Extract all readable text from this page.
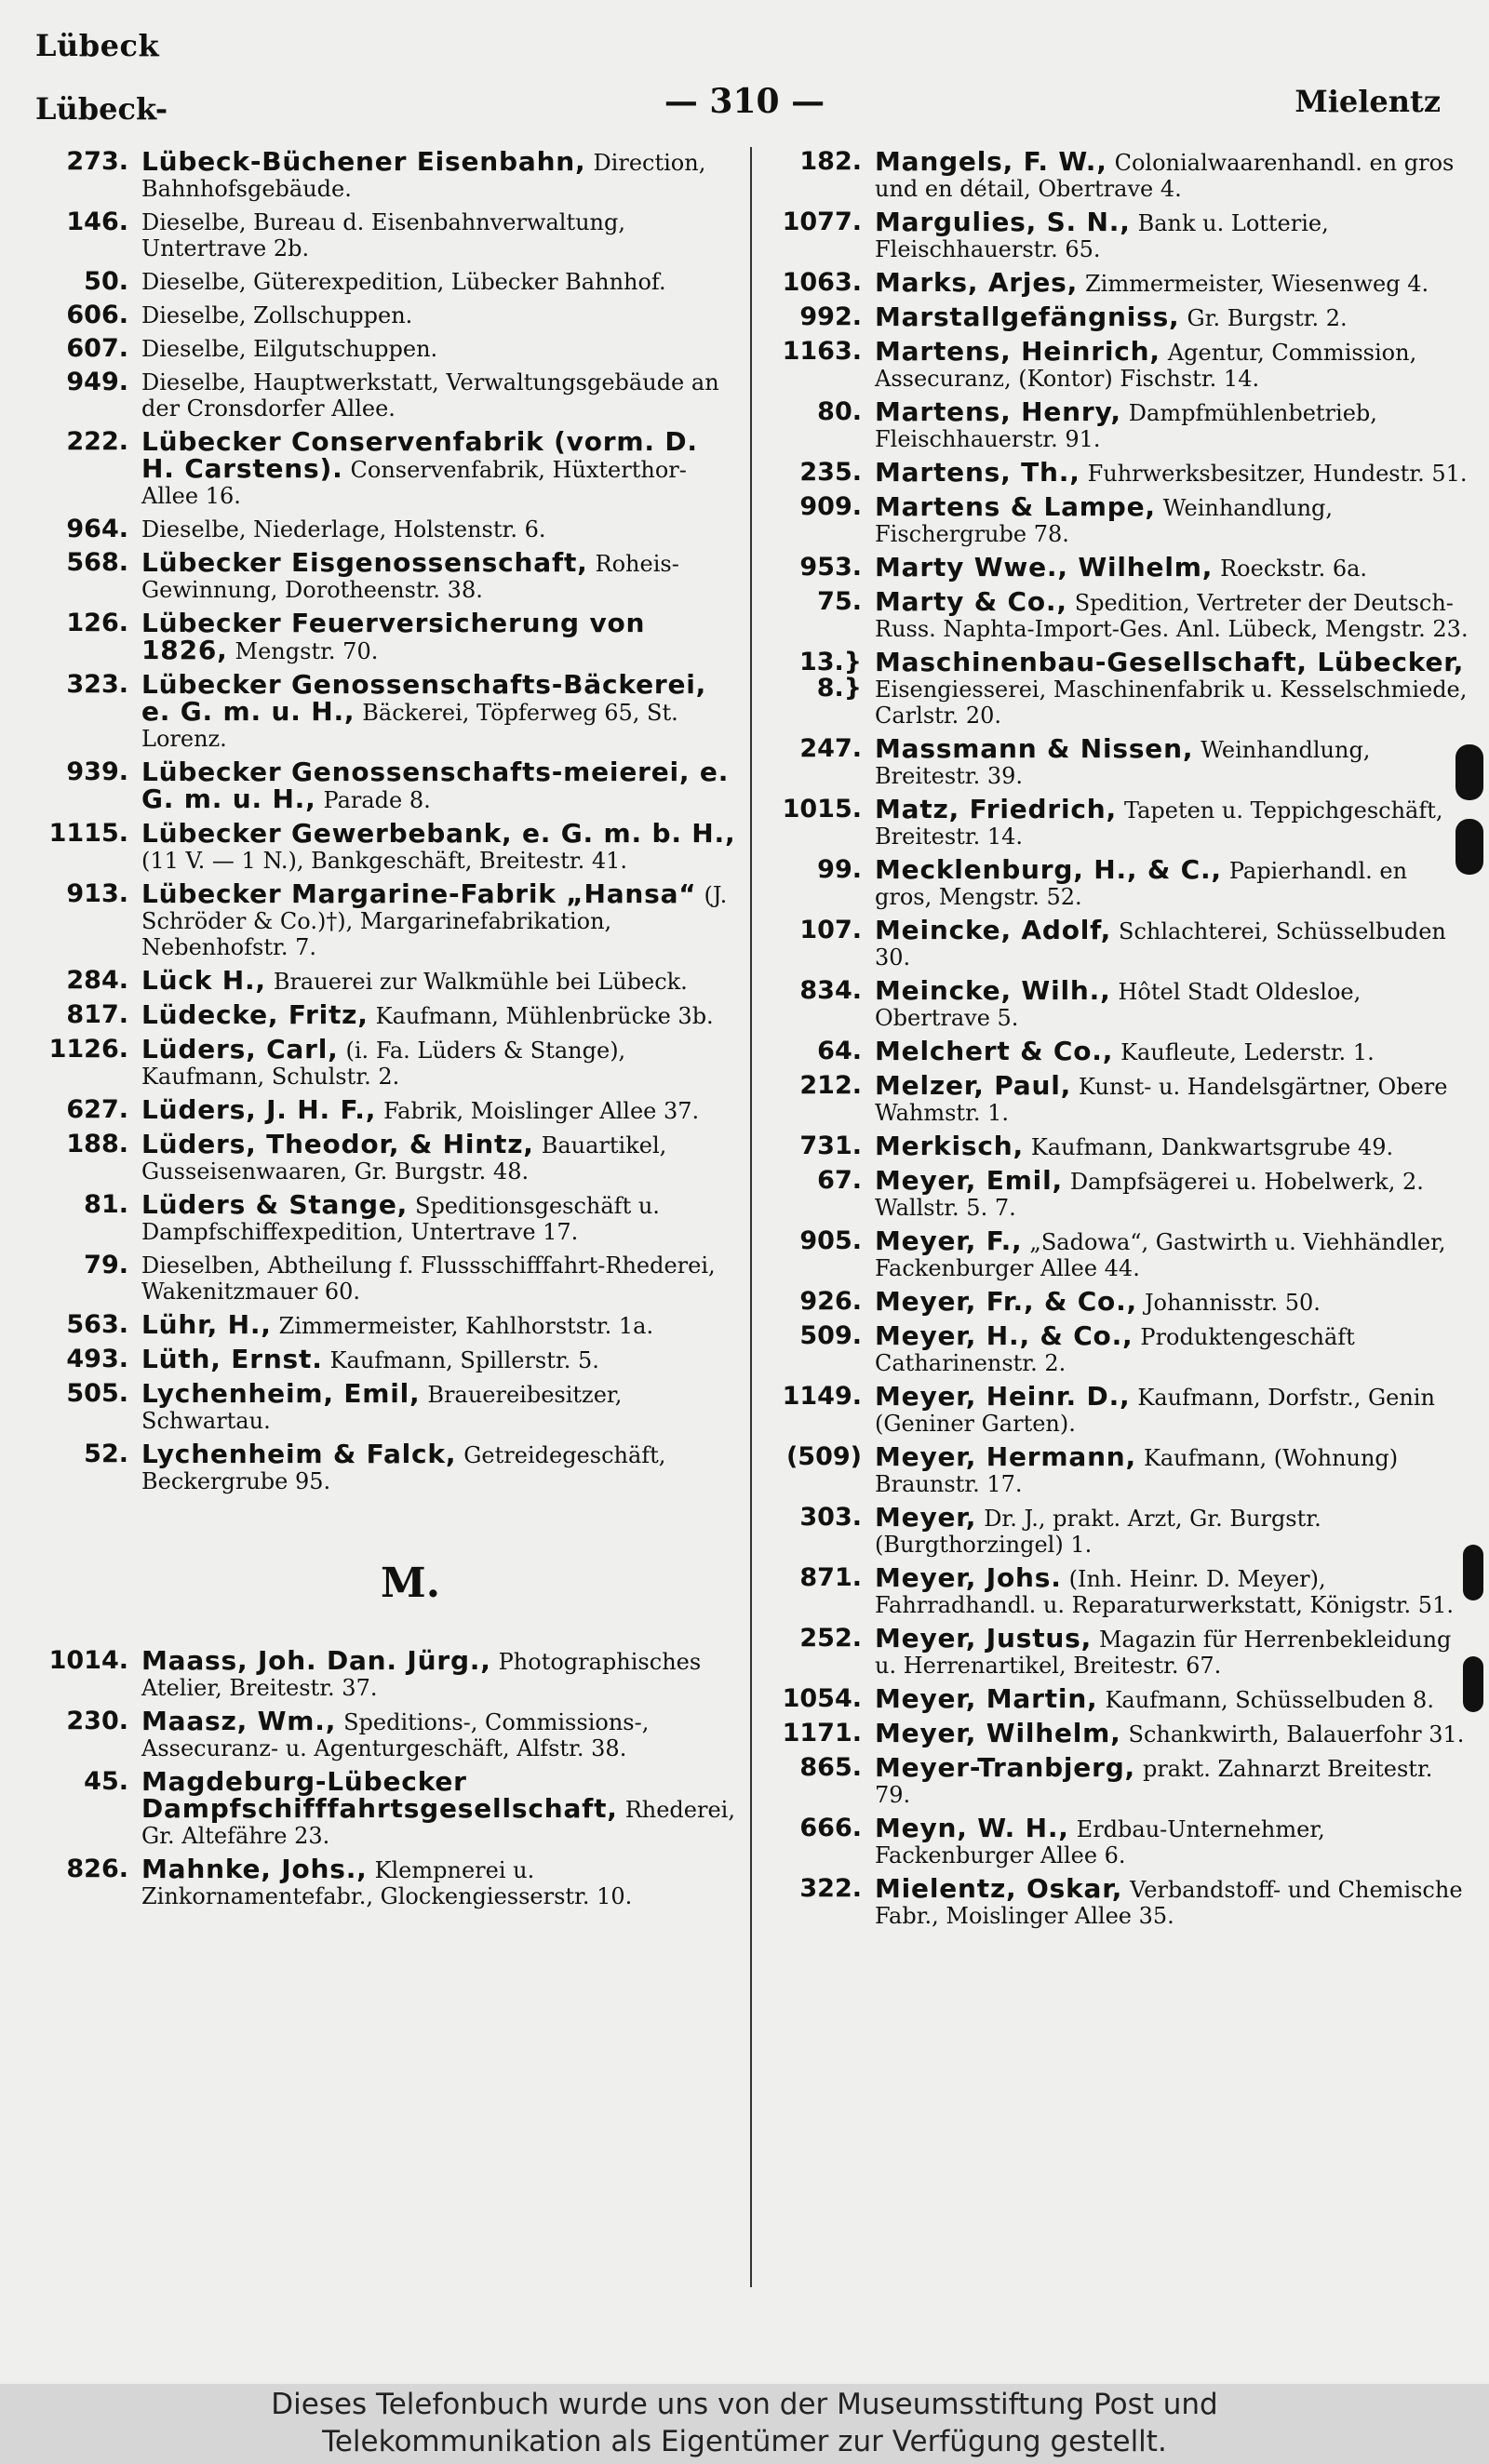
Lübeck
Lübeck-	— 310 —	Mielentz
273. Lübeck-Büchener Eisenbahn, Direction, Bahnhofsgebäude.
146. Dieselbe, Bureau d. Eisenbahnverwaltung, Untertrave 2b.
50. Dieselbe, Güterexpedition, Lübecker Bahnhof.
606. Dieselbe, Zollschuppen.
607. Dieselbe, Eilgutschuppen.
949. Dieselbe, Hauptwerkstatt, Verwaltungsgebäude an der Cronsdorfer Allee.
222. Lübecker Conservenfabrik (vorm. D. H. Carstens). Conservenfabrik, Hüxterthor-Allee 16.
964. Dieselbe, Niederlage, Holstenstr. 6.
568. Lübecker Eisgenossenschaft, Roheis-Gewinnung, Dorotheenstr. 38.
126. Lübecker Feuerversicherung von 1826, Mengstr. 70.
323. Lübecker Genossenschafts-Bäckerei, e. G. m. u. H., Bäckerei, Töpferweg 65, St. Lorenz.
939. Lübecker Genossenschafts-meierei, e. G. m. u. H., Parade 8.
1115. Lübecker Gewerbebank, e. G. m. b. H., (11 V. — 1 N.), Bankgeschäft, Breitestr. 41.
913. Lübecker Margarine-Fabrik „Hansa“ (J. Schröder & Co.)†), Margarinefabrikation, Nebenhofstr. 7.
284. Lück H., Brauerei zur Walkmühle bei Lübeck.
817. Lüdecke, Fritz, Kaufmann, Mühlenbrücke 3b.
1126. Lüders, Carl, (i. Fa. Lüders & Stange), Kaufmann, Schulstr. 2.
627. Lüders, J. H. F., Fabrik, Moislinger Allee 37.
188. Lüders, Theodor, & Hintz, Bauartikel, Gusseisenwaaren, Gr. Burgstr. 48.
81. Lüders & Stange, Speditionsgeschäft u. Dampfschiffexpedition, Untertrave 17.
79. Dieselben, Abtheilung f. Flussschifffahrt-Rhederei, Wakenitzmauer 60.
563. Lühr, H., Zimmermeister, Kahlhorststr. 1a.
493. Lüth, Ernst. Kaufmann, Spillerstr. 5.
505. Lychenheim, Emil, Brauereibesitzer, Schwartau.
52. Lychenheim & Falck, Getreidegeschäft, Beckergrube 95.
M.
1014. Maass, Joh. Dan. Jürg., Photographisches Atelier, Breitestr. 37.
230. Maasz, Wm., Speditions-, Commissions-, Assecuranz- u. Agenturgeschäft, Alfstr. 38.
45. Magdeburg-Lübecker Dampfschifffahrtsgesellschaft, Rhederei, Gr. Altefähre 23.
826. Mahnke, Johs., Klempnerei u. Zinkornamentefabr., Glockengiesserstr. 10.
182. Mangels, F. W., Colonialwaarenhandl. en gros und en détail, Obertrave 4.
1077. Margulies, S. N., Bank u. Lotterie, Fleischhauerstr. 65.
1063. Marks, Arjes, Zimmermeister, Wiesenweg 4.
992. Marstallgefängniss, Gr. Burgstr. 2.
1163. Martens, Heinrich, Agentur, Commission, Assecuranz, (Kontor) Fischstr. 14.
80. Martens, Henry, Dampfmühlenbetrieb, Fleischhauerstr. 91.
235. Martens, Th., Fuhrwerksbesitzer, Hundestr. 51.
909. Martens & Lampe, Weinhandlung, Fischergrube 78.
953. Marty Wwe., Wilhelm, Roeckstr. 6a.
75. Marty & Co., Spedition, Vertreter der Deutsch-Russ. Naphta-Import-Ges. Anl. Lübeck, Mengstr. 23.
13.} 8.}
Maschinenbau-Gesellschaft, Lübecker, Eisengiesserei, Maschinenfabrik u. Kesselschmiede, Carlstr. 20.
247. Massmann & Nissen, Weinhandlung, Breitestr. 39.
1015. Matz, Friedrich, Tapeten u. Teppichgeschäft, Breitestr. 14.
99. Mecklenburg, H., & C., Papierhandl. en gros, Mengstr. 52.
107. Meincke, Adolf, Schlachterei, Schüsselbuden 30.
834. Meincke, Wilh., Hôtel Stadt Oldesloe, Obertrave 5.
64. Melchert & Co., Kaufleute, Lederstr. 1.
212. Melzer, Paul, Kunst- u. Handelsgärtner, Obere Wahmstr. 1.
731. Merkisch, Kaufmann, Dankwartsgrube 49.
67. Meyer, Emil, Dampfsägerei u. Hobelwerk, 2. Wallstr. 5. 7.
905. Meyer, F., „Sadowa“, Gastwirth u. Viehhändler, Fackenburger Allee 44.
926. Meyer, Fr., & Co., Johannisstr. 50.
509. Meyer, H., & Co., Produktengeschäft Catharinenstr. 2.
1149. Meyer, Heinr. D., Kaufmann, Dorfstr., Genin (Geniner Garten).
(509) Meyer, Hermann, Kaufmann, (Wohnung) Braunstr. 17.
303. Meyer, Dr. J., prakt. Arzt, Gr. Burgstr. (Burgthorzingel) 1.
871. Meyer, Johs. (Inh. Heinr. D. Meyer), Fahrradhandl. u. Reparaturwerkstatt, Königstr. 51.
252. Meyer, Justus, Magazin für Herrenbekleidung u. Herrenartikel, Breitestr. 67.
1054. Meyer, Martin, Kaufmann, Schüsselbuden 8.
1171. Meyer, Wilhelm, Schankwirth, Balauerfohr 31.
865. Meyer-Tranbjerg, prakt. Zahnarzt Breitestr. 79.
666. Meyn, W. H., Erdbau-Unternehmer, Fackenburger Allee 6.
322. Mielentz, Oskar, Verbandstoff- und Chemische Fabr., Moislinger Allee 35.
Dieses Telefonbuch wurde uns von der Museumsstiftung Post und
Telekommunikation als Eigentümer zur Verfügung gestellt.
